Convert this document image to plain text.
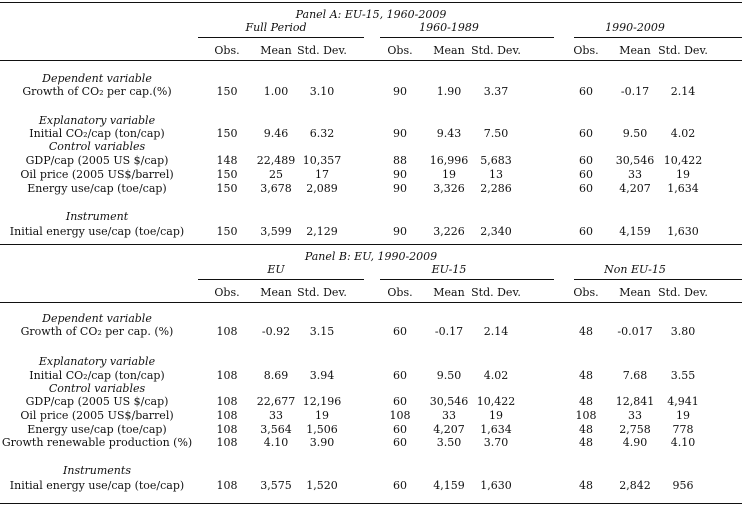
Panel A: EU-15, 1960-2009
Full Period	1960-1989	1990-2009
Obs.	Mean Std. Dev.	Obs.	Mean Std. Dev.	Obs.	Mean Std. Dev.
Dependent variable
Growth of CO₂ per cap.(%)	150	1.00	3.10	90	1.90	3.37	60	-0.17	2.14
Explanatory variable
Initial CO₂/cap (ton/cap)	150	9.46	6.32	90	9.43	7.50	60	9.50	4.02
Control variables
GDP/cap (2005 US $/cap)	148	22,489 10,357	88	16,996	5,683	60	30,546 10,422
Oil price (2005 US$/barrel)	150	25	17	90	19	13	60	33	19
Energy use/cap (toe/cap)	150	3,678	2,089	90	3,326	2,286	60	4,207	1,634
Instrument
Initial energy use/cap (toe/cap)	150	3,599	2,129	90	3,226	2,340	60	4,159	1,630
Panel B: EU, 1990-2009
EU	EU-15	Non EU-15
Obs.	Mean Std. Dev.	Obs.	Mean Std. Dev.	Obs.	Mean Std. Dev.
Dependent variable
Growth of CO₂ per cap. (%)	108	-0.92	3.15	60	-0.17	2.14	48	-0.017	3.80
Explanatory variable
Initial CO₂/cap (ton/cap)	108	8.69	3.94	60	9.50	4.02	48	7.68	3.55
Control variables
GDP/cap (2005 US $/cap)	108	22,677 12,196	60	30,546 10,422	48	12,841	4,941
Oil price (2005 US$/barrel)	108	33	19	108	33	19	108	33	19
Energy use/cap (toe/cap)	108	3,564	1,506	60	4,207	1,634	48	2,758	778
Growth renewable production (%)	108	4.10	3.90	60	3.50	3.70	48	4.90	4.10
Instruments
Initial energy use/cap (toe/cap)	108	3,575	1,520	60	4,159	1,630	48	2,842	956
